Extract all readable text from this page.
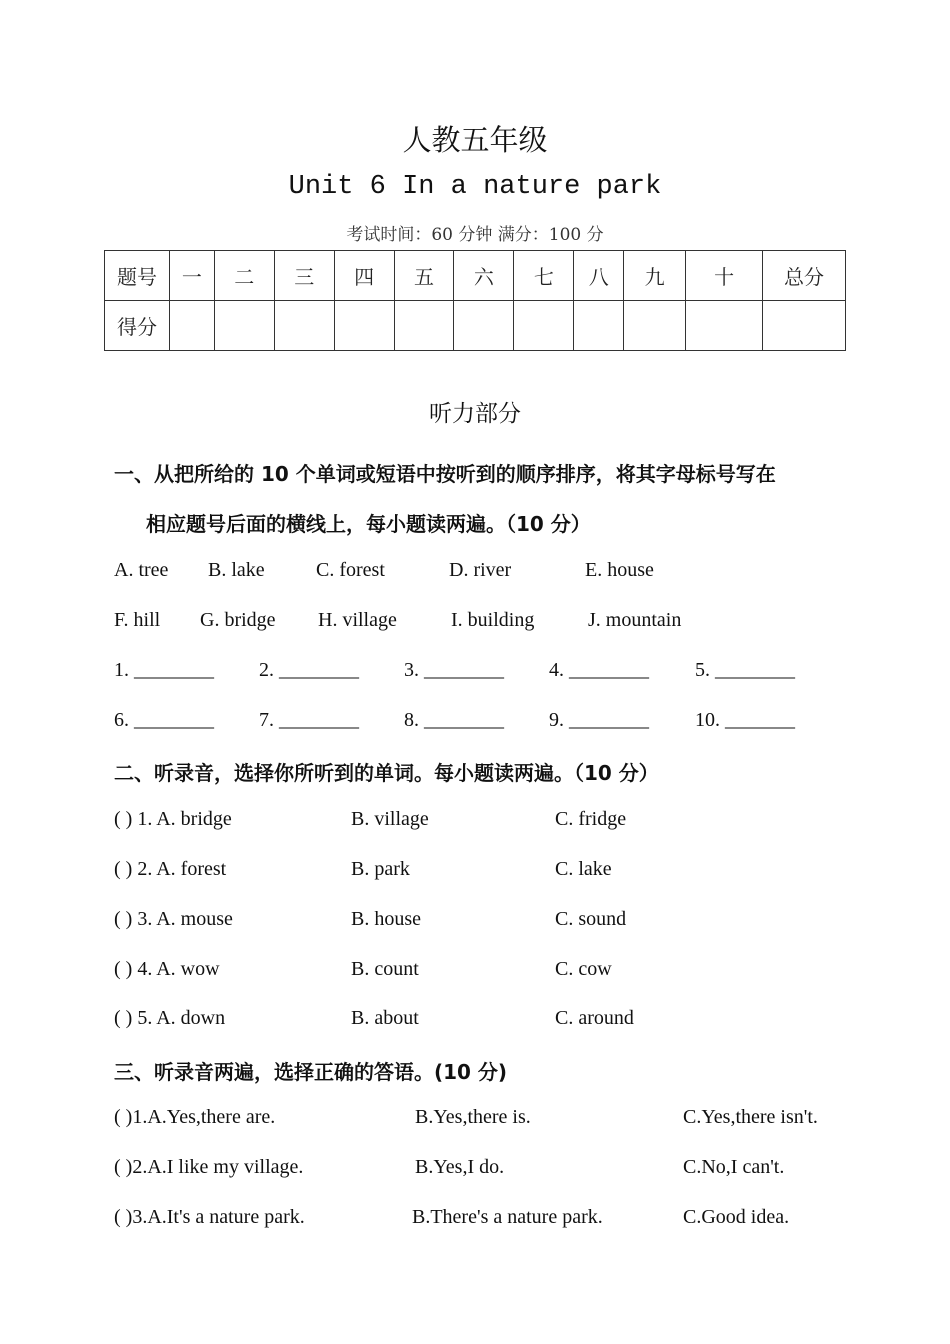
人教五年级
Unit 6 In a nature park
考试时间：60 分钟 满分：100 分
题号	一	二	三	四	五	六	七	八	九	十	总分
得分											
听力部分
一、从把所给的 10 个单词或短语中按听到的顺序排序，将其字母标号写在
相应题号后面的横线上，每小题读两遍。（10 分）
A. tree B. lake	C. forest	D. river	E. house
F. hill G. bridge H. village	I. building	J. mountain
1. ________ 2. ________ 3. ________ 4. ________ 5. ________
6. ________ 7. ________ 8. ________ 9. ________ 10. _______
二、听录音，选择你所听到的单词。每小题读两遍。（10 分）
( ) 1. A. bridge	B. village	C. fridge
( ) 2. A. forest	B. park	C. lake
( ) 3. A. mouse	B. house	C. sound
( ) 4. A. wow	B. count	C. cow
( ) 5. A. down	B. about	C. around
三、听录音两遍，选择正确的答语。(10 分)
( )1.A.Yes,there are.	B.Yes,there is.	C.Yes,there isn't.
( )2.A.I like my village.	B.Yes,I do.	C.No,I can't.
( )3.A.It's a nature park.	B.There's a nature park.	C.Good idea.
